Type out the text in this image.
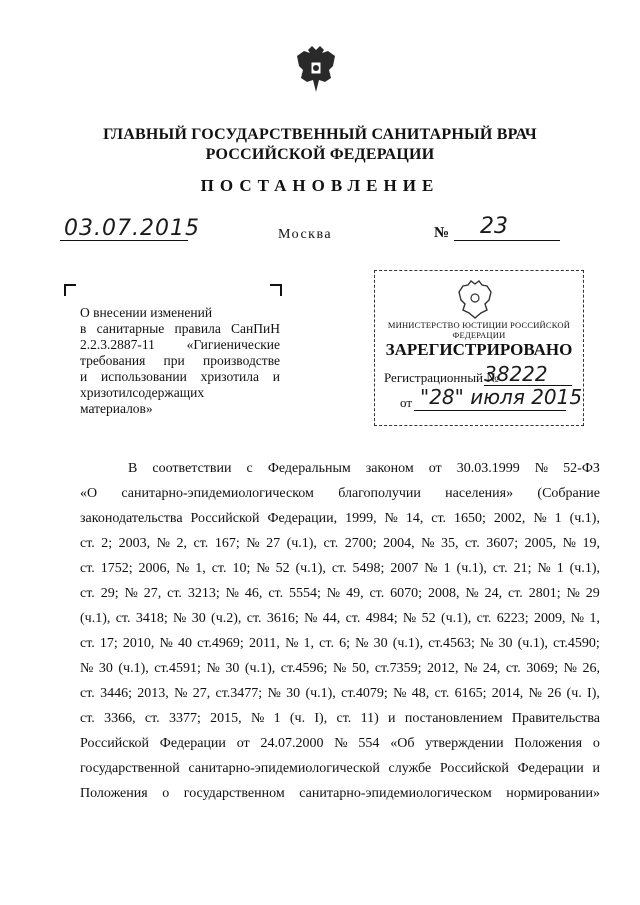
ГЛАВНЫЙ ГОСУДАРСТВЕННЫЙ САНИТАРНЫЙ ВРАЧ
РОССИЙСКОЙ ФЕДЕРАЦИИ
ПОСТАНОВЛЕНИЕ
03.07.2015	Москва	№ 23
О внесении изменений
в санитарные правила СанПиН
2.2.3.2887-11 «Гигиенические
требования при производстве
и использовании хризотила и
хризотилсодержащих
материалов»
МИНИСТЕРСТВО ЮСТИЦИИ РОССИЙСКОЙ ФЕДЕРАЦИИ
ЗАРЕГИСТРИРОВАНО
Регистрационный №
38222
от "28" июля 2015
В соответствии с Федеральным законом от 30.03.1999 № 52-ФЗ
«О санитарно-эпидемиологическом благополучии населения» (Собрание
законодательства Российской Федерации, 1999, № 14, ст. 1650; 2002, № 1 (ч.1),
ст. 2; 2003, № 2, ст. 167; № 27 (ч.1), ст. 2700; 2004, № 35, ст. 3607; 2005, № 19,
ст. 1752; 2006, № 1, ст. 10; № 52 (ч.1), ст. 5498; 2007 № 1 (ч.1), ст. 21; № 1 (ч.1),
ст. 29; № 27, ст. 3213; № 46, ст. 5554; № 49, ст. 6070; 2008, № 24, ст. 2801; № 29
(ч.1), ст. 3418; № 30 (ч.2), ст. 3616; № 44, ст. 4984; № 52 (ч.1), ст. 6223; 2009, № 1,
ст. 17; 2010, № 40 ст.4969; 2011, № 1, ст. 6; № 30 (ч.1), ст.4563; № 30 (ч.1), ст.4590;
№ 30 (ч.1), ст.4591; № 30 (ч.1), ст.4596; № 50, ст.7359; 2012, № 24, ст. 3069; № 26,
ст. 3446; 2013, № 27, ст.3477; № 30 (ч.1), ст.4079; № 48, ст. 6165; 2014, № 26 (ч. I),
ст. 3366, ст. 3377; 2015, № 1 (ч. I), ст. 11) и постановлением Правительства
Российской Федерации от 24.07.2000 № 554 «Об утверждении Положения о
государственной санитарно-эпидемиологической службе Российской Федерации и
Положения о государственном санитарно-эпидемиологическом нормировании»
